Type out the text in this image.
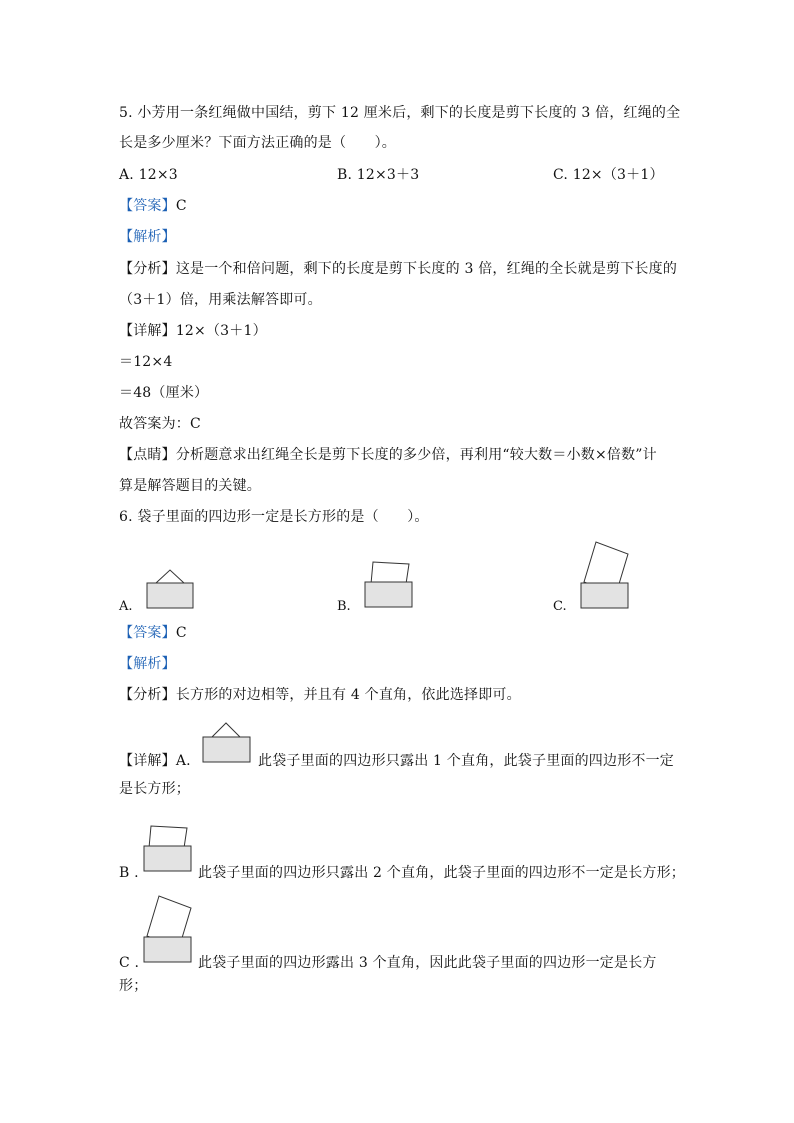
5. 小芳用一条红绳做中国结，剪下 12 厘米后，剩下的长度是剪下长度的 3 倍，红绳的全
长是多少厘米？下面方法正确的是（　　）。
A. 12×3	B. 12×3＋3	C. 12×（3＋1）
【答案】C
【解析】
【分析】这是一个和倍问题，剩下的长度是剪下长度的 3 倍，红绳的全长就是剪下长度的
（3＋1）倍，用乘法解答即可。
【详解】12×（3＋1）
＝12×4
＝48（厘米）
故答案为：C
【点睛】分析题意求出红绳全长是剪下长度的多少倍，再利用“较大数＝小数×倍数”计
算是解答题目的关键。
6. 袋子里面的四边形一定是长方形的是（　　）。
A.	B.	C.
【答案】C
【解析】
【分析】长方形的对边相等，并且有 4 个直角，依此选择即可。
【详解】A.	此袋子里面的四边形只露出 1 个直角，此袋子里面的四边形不一定
是长方形；
B .	此袋子里面的四边形只露出 2 个直角，此袋子里面的四边形不一定是长方形；
C .	此袋子里面的四边形露出 3 个直角，因此此袋子里面的四边形一定是长方
形；
